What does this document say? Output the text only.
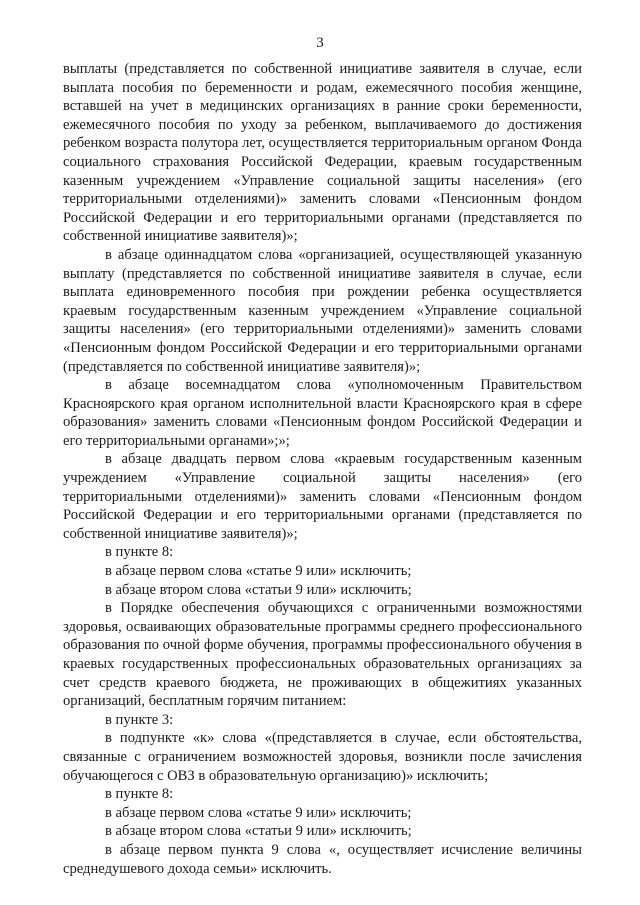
3

выплаты (представляется по собственной инициативе заявителя в случае, если выплата пособия по беременности и родам, ежемесячного пособия женщине, вставшей на учет в медицинских организациях в ранние сроки беременности, ежемесячного пособия по уходу за ребенком, выплачиваемого до достижения ребенком возраста полутора лет, осуществляется территориальным органом Фонда социального страхования Российской Федерации, краевым государственным казенным учреждением «Управление социальной защиты населения» (его территориальными отделениями)» заменить словами «Пенсионным фондом Российской Федерации и его территориальными органами (представляется по собственной инициативе заявителя)»;

в абзаце одиннадцатом слова «организацией, осуществляющей указанную выплату (представляется по собственной инициативе заявителя в случае, если выплата единовременного пособия при рождении ребенка осуществляется краевым государственным казенным учреждением «Управление социальной защиты населения» (его территориальными отделениями)» заменить словами «Пенсионным фондом Российской Федерации и его территориальными органами (представляется по собственной инициативе заявителя)»;

в абзаце восемнадцатом слова «уполномоченным Правительством Красноярского края органом исполнительной власти Красноярского края в сфере образования» заменить словами «Пенсионным фондом Российской Федерации и его территориальными органами»;»;

в абзаце двадцать первом слова «краевым государственным казенным учреждением «Управление социальной защиты населения» (его территориальными отделениями)» заменить словами «Пенсионным фондом Российской Федерации и его территориальными органами (представляется по собственной инициативе заявителя)»;

в пункте 8:

в абзаце первом слова «статье 9 или» исключить;

в абзаце втором слова «статьи 9 или» исключить;

в Порядке обеспечения обучающихся с ограниченными возможностями здоровья, осваивающих образовательные программы среднего профессионального образования по очной форме обучения, программы профессионального обучения в краевых государственных профессиональных образовательных организациях за счет средств краевого бюджета, не проживающих в общежитиях указанных организаций, бесплатным горячим питанием:

в пункте 3:

в подпункте «к» слова «(представляется в случае, если обстоятельства, связанные с ограничением возможностей здоровья, возникли после зачисления обучающегося с ОВЗ в образовательную организацию)» исключить;

в пункте 8:

в абзаце первом слова «статье 9 или» исключить;

в абзаце втором слова «статьи 9 или» исключить;

в абзаце первом пункта 9 слова «, осуществляет исчисление величины среднедушевого дохода семьи» исключить.
